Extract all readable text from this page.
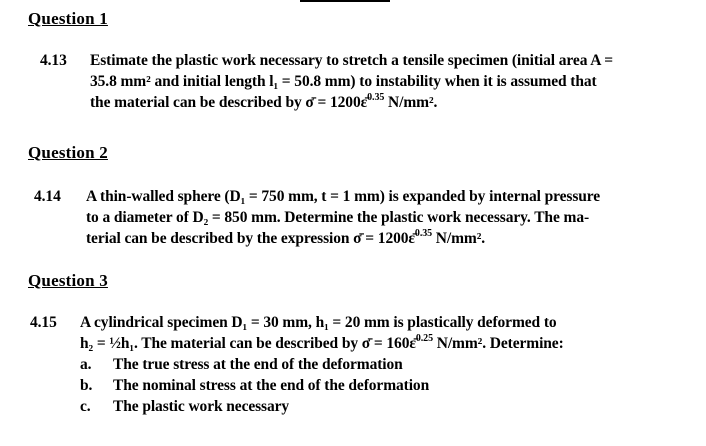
Question 1
4.13 Estimate the plastic work necessary to stretch a tensile specimen (initial area A =
35.8 mm² and initial length l₁ = 50.8 mm) to instability when it is assumed that
the material can be described by σ̄ = 1200ε̄$^{0.35}$ N/mm².
Question 2
4.14 A thin-walled sphere (D₁ = 750 mm, t = 1 mm) is expanded by internal pressure
to a diameter of D₂ = 850 mm. Determine the plastic work necessary. The ma-
terial can be described by the expression σ̄ = 1200ε̄$^{0.35}$ N/mm².
Question 3
4.15 A cylindrical specimen D₁ = 30 mm, h₁ = 20 mm is plastically deformed to
h₂ = ½h₁. The material can be described by σ̄ = 160ε̄$^{0.25}$ N/mm². Determine:
a. The true stress at the end of the deformation
b. The nominal stress at the end of the deformation
c. The plastic work necessary
